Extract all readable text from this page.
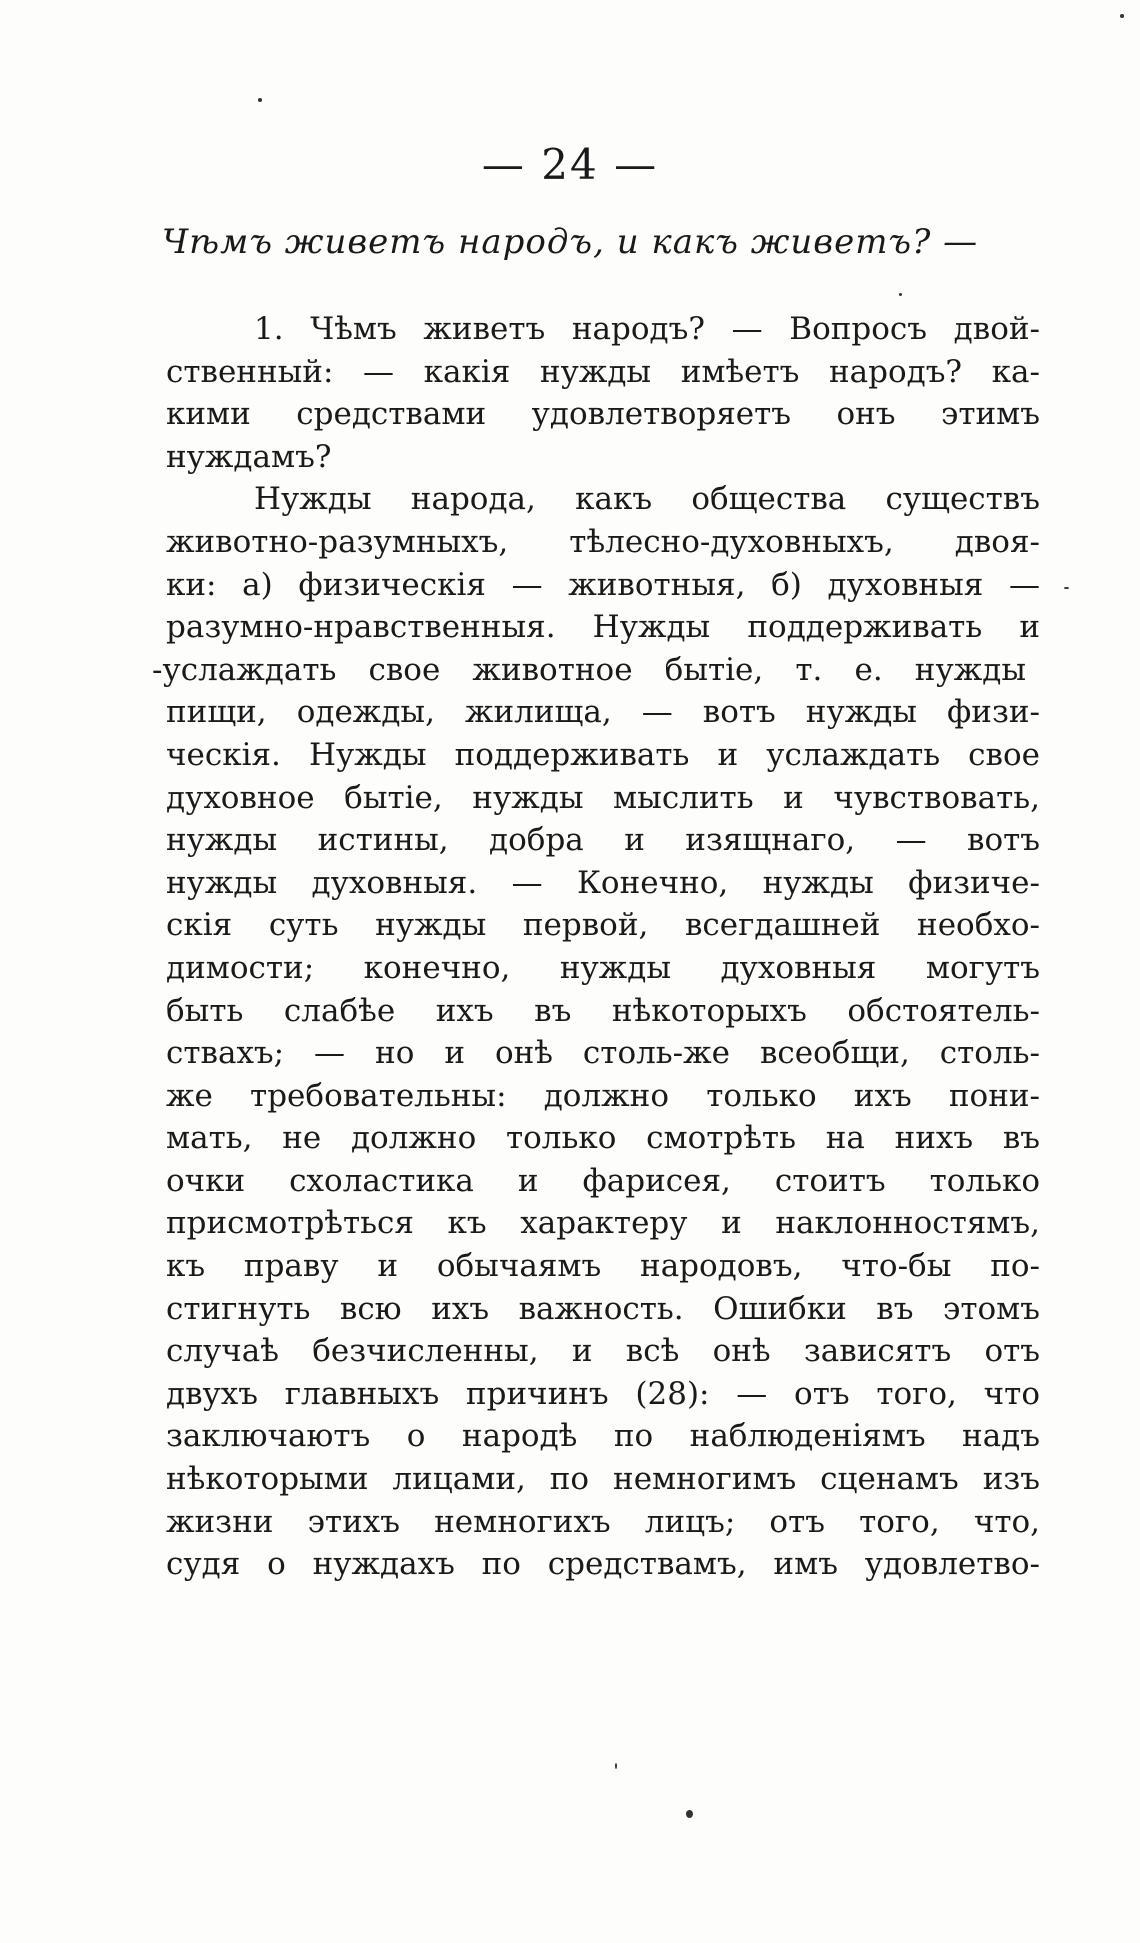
— 24 —
Чѣмъ живетъ народъ, и какъ живетъ? —
1. Чѣмъ живетъ народъ? — Вопросъ двой-
ственный: — какія нужды имѣетъ народъ? ка-
кими средствами удовлетворяетъ онъ этимъ
нуждамъ?
Нужды народа, какъ общества существъ
животно-разумныхъ, тѣлесно-духовныхъ, двоя-
ки: а) физическія — животныя, б) духовныя —
разумно-нравственныя. Нужды поддерживать и
-услаждать свое животное бытіе, т. е. нужды
пищи, одежды, жилища, — вотъ нужды физи-
ческія. Нужды поддерживать и услаждать свое
духовное бытіе, нужды мыслить и чувствовать,
нужды истины, добра и изящнаго, — вотъ
нужды духовныя. — Конечно, нужды физиче-
скія суть нужды первой, всегдашней необхо-
димости; конечно, нужды духовныя могутъ
быть слабѣе ихъ въ нѣкоторыхъ обстоятель-
ствахъ; — но и онѣ столь-же всеобщи, столь-
же требовательны: должно только ихъ пони-
мать, не должно только смотрѣть на нихъ въ
очки схоластика и фарисея, стоитъ только
присмотрѣться къ характеру и наклонностямъ,
къ праву и обычаямъ народовъ, что-бы по-
стигнуть всю ихъ важность. Ошибки въ этомъ
случаѣ безчисленны, и всѣ онѣ зависятъ отъ
двухъ главныхъ причинъ (28): — отъ того, что
заключаютъ о народѣ по наблюденіямъ надъ
нѣкоторыми лицами, по немногимъ сценамъ изъ
жизни этихъ немногихъ лицъ; отъ того, что,
судя о нуждахъ по средствамъ, имъ удовлетво-
